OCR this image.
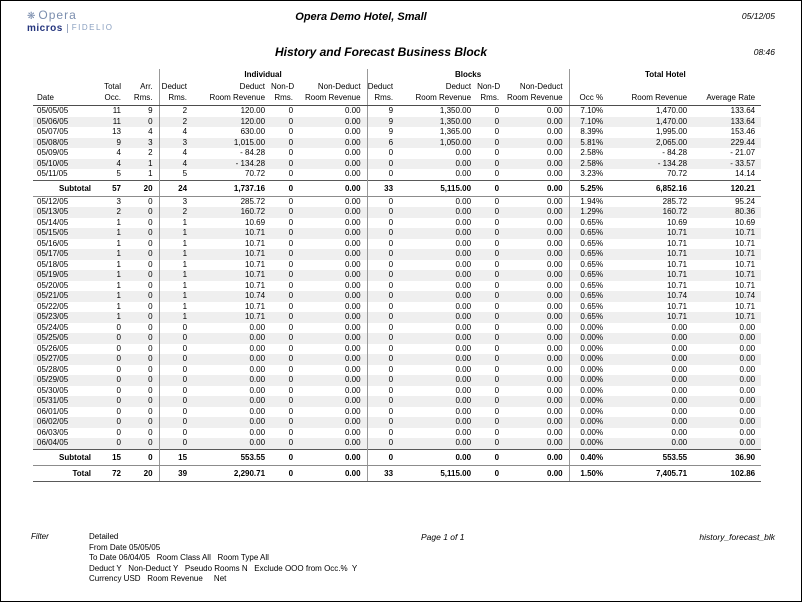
❋ Opera
micros FIDELIO
Opera Demo Hotel, Small	05/12/05
History and Forecast Business Block	08:46
			Individual				Blocks				Total Hotel		
	Total	Arr.	Deduct	Deduct	Non-D	Non-Deduct	Deduct	Deduct	Non-D	Non-Deduct			
Date	Occ.	Rms.	Rms.	Room Revenue	Rms.	Room Revenue	Rms.	Room Revenue	Rms.	Room Revenue	Occ %	Room Revenue	Average Rate
05/05/05	11	9	2	120.00	0	0.00	9	1,350.00	0	0.00	7.10%	1,470.00	133.64
05/06/05	11	0	2	120.00	0	0.00	9	1,350.00	0	0.00	7.10%	1,470.00	133.64
05/07/05	13	4	4	630.00	0	0.00	9	1,365.00	0	0.00	8.39%	1,995.00	153.46
05/08/05	9	3	3	1,015.00	0	0.00	6	1,050.00	0	0.00	5.81%	2,065.00	229.44
05/09/05	4	2	4	- 84.28	0	0.00	0	0.00	0	0.00	2.58%	- 84.28	- 21.07
05/10/05	4	1	4	- 134.28	0	0.00	0	0.00	0	0.00	2.58%	- 134.28	- 33.57
05/11/05	5	1	5	70.72	0	0.00	0	0.00	0	0.00	3.23%	70.72	14.14
Subtotal	57	20	24	1,737.16	0	0.00	33	5,115.00	0	0.00	5.25%	6,852.16	120.21
05/12/05	3	0	3	285.72	0	0.00	0	0.00	0	0.00	1.94%	285.72	95.24
05/13/05	2	0	2	160.72	0	0.00	0	0.00	0	0.00	1.29%	160.72	80.36
05/14/05	1	0	1	10.69	0	0.00	0	0.00	0	0.00	0.65%	10.69	10.69
05/15/05	1	0	1	10.71	0	0.00	0	0.00	0	0.00	0.65%	10.71	10.71
05/16/05	1	0	1	10.71	0	0.00	0	0.00	0	0.00	0.65%	10.71	10.71
05/17/05	1	0	1	10.71	0	0.00	0	0.00	0	0.00	0.65%	10.71	10.71
05/18/05	1	0	1	10.71	0	0.00	0	0.00	0	0.00	0.65%	10.71	10.71
05/19/05	1	0	1	10.71	0	0.00	0	0.00	0	0.00	0.65%	10.71	10.71
05/20/05	1	0	1	10.71	0	0.00	0	0.00	0	0.00	0.65%	10.71	10.71
05/21/05	1	0	1	10.74	0	0.00	0	0.00	0	0.00	0.65%	10.74	10.74
05/22/05	1	0	1	10.71	0	0.00	0	0.00	0	0.00	0.65%	10.71	10.71
05/23/05	1	0	1	10.71	0	0.00	0	0.00	0	0.00	0.65%	10.71	10.71
05/24/05	0	0	0	0.00	0	0.00	0	0.00	0	0.00	0.00%	0.00	0.00
05/25/05	0	0	0	0.00	0	0.00	0	0.00	0	0.00	0.00%	0.00	0.00
05/26/05	0	0	0	0.00	0	0.00	0	0.00	0	0.00	0.00%	0.00	0.00
05/27/05	0	0	0	0.00	0	0.00	0	0.00	0	0.00	0.00%	0.00	0.00
05/28/05	0	0	0	0.00	0	0.00	0	0.00	0	0.00	0.00%	0.00	0.00
05/29/05	0	0	0	0.00	0	0.00	0	0.00	0	0.00	0.00%	0.00	0.00
05/30/05	0	0	0	0.00	0	0.00	0	0.00	0	0.00	0.00%	0.00	0.00
05/31/05	0	0	0	0.00	0	0.00	0	0.00	0	0.00	0.00%	0.00	0.00
06/01/05	0	0	0	0.00	0	0.00	0	0.00	0	0.00	0.00%	0.00	0.00
06/02/05	0	0	0	0.00	0	0.00	0	0.00	0	0.00	0.00%	0.00	0.00
06/03/05	0	0	0	0.00	0	0.00	0	0.00	0	0.00	0.00%	0.00	0.00
06/04/05	0	0	0	0.00	0	0.00	0	0.00	0	0.00	0.00%	0.00	0.00
Subtotal	15	0	15	553.55	0	0.00	0	0.00	0	0.00	0.40%	553.55	36.90
Total	72	20	39	2,290.71	0	0.00	33	5,115.00	0	0.00	1.50%	7,405.71	102.86
Filter	Detailed
From Date 05/05/05
To Date 06/04/05   Room Class All   Room Type All
Deduct Y   Non-Deduct Y   Pseudo Rooms N   Exclude OOO from Occ.%  Y
Currency USD   Room Revenue     Net
Page 1 of 1	history_forecast_blk
